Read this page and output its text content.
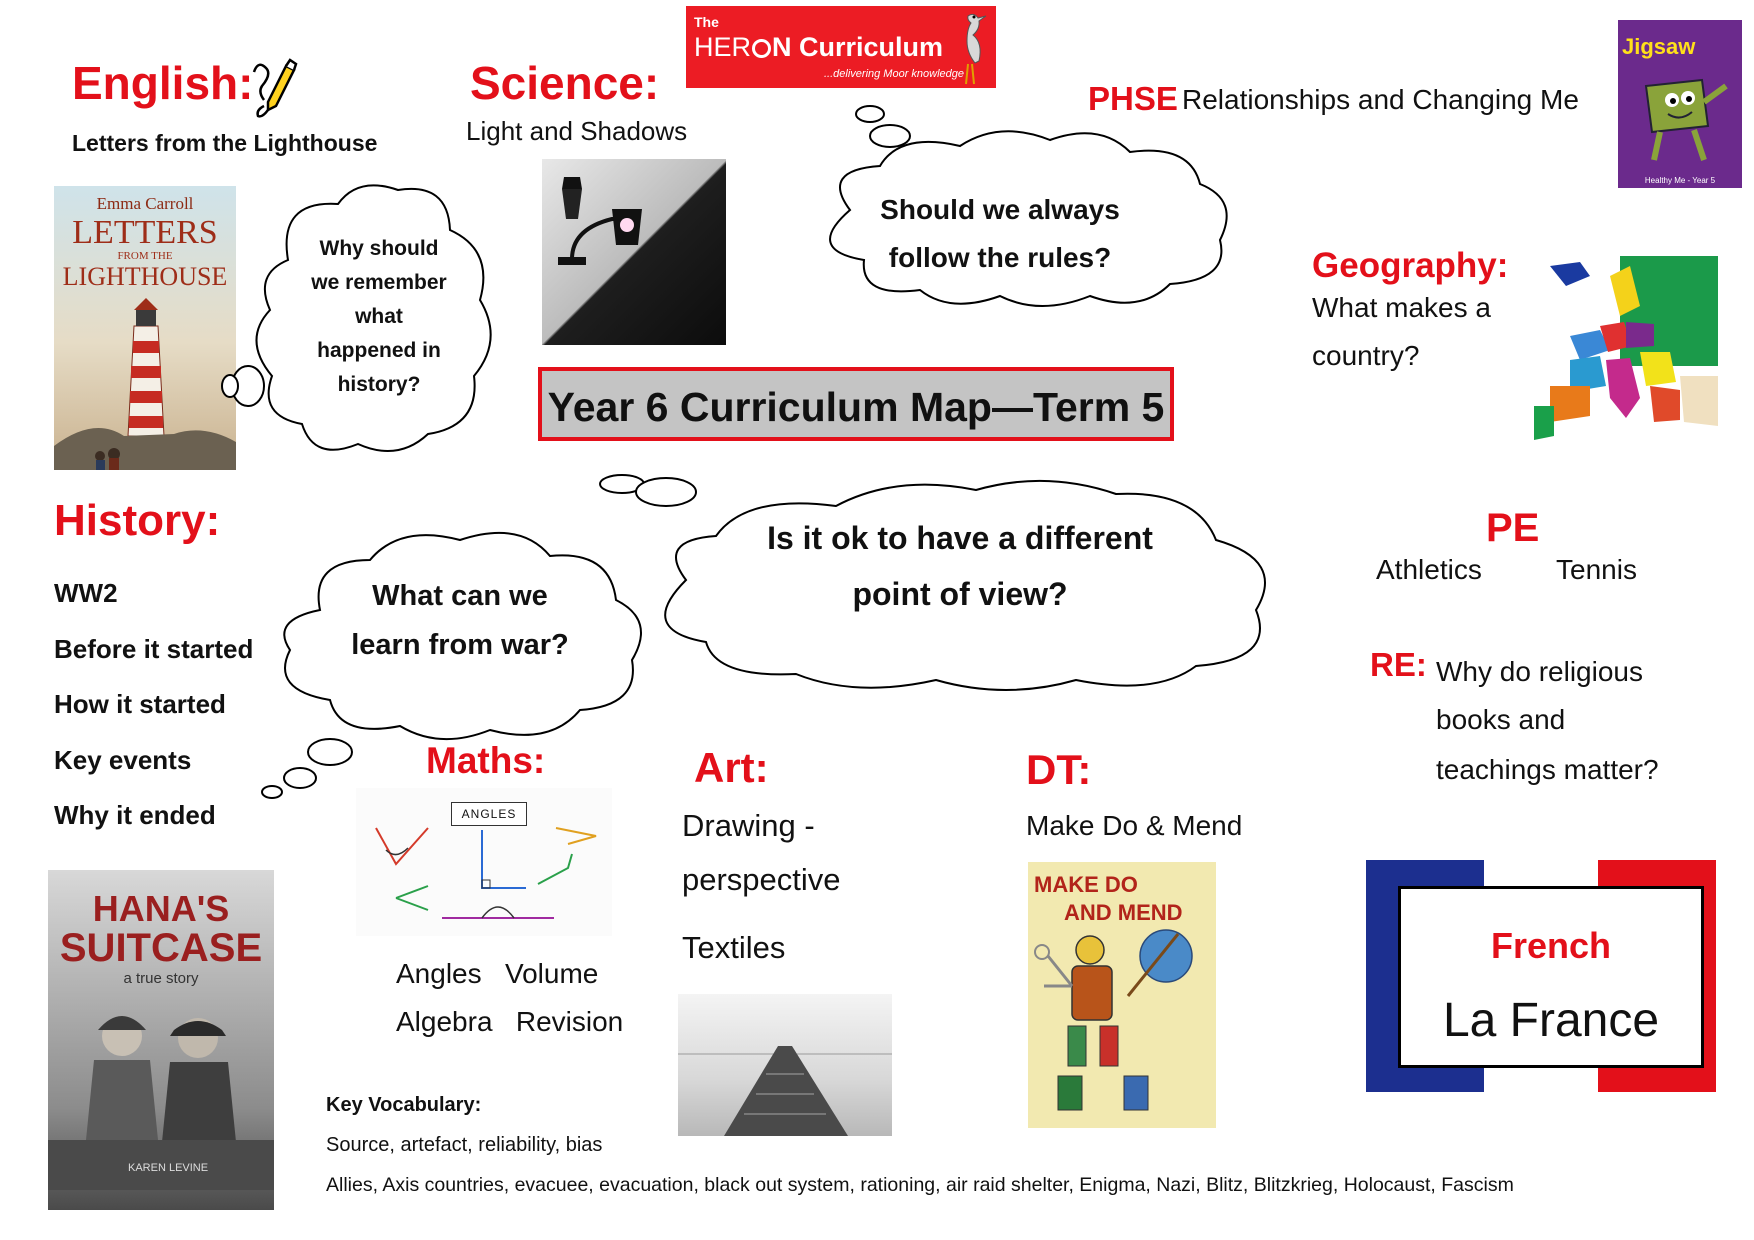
The
HER N Curriculum
...delivering Moor knowledge
English:
Letters from the Lighthouse
Emma Carroll
LETTERS
FROM THE
LIGHTHOUSE
Science:
Light and Shadows
PHSE Relationships and Changing Me
Jigsaw
Healthy Me - Year 5
Why should
we remember
what
happened in
history?
Should we always
follow the rules?
What can we
learn from war?
Is it ok to have a different
point of view?
Year 6 Curriculum Map—Term 5
Geography:
What makes a
country?
History:
WW2
Before it started
How it started
Key events
Why it ended
HANA'S
SUITCASE
a true story
KAREN LEVINE
PE
Athletics	Tennis
RE: Why do religious
books and
teachings matter?
Maths:
ANGLES
Angles   Volume
Algebra   Revision
Art:
Drawing -
perspective
Textiles
DT:
Make Do & Mend
MAKE DO
AND MEND
French
La France
Key Vocabulary:
Source, artefact, reliability, bias
Allies, Axis countries, evacuee, evacuation, black out system, rationing, air raid shelter, Enigma, Nazi, Blitz, Blitzkrieg, Holocaust, Fascism
